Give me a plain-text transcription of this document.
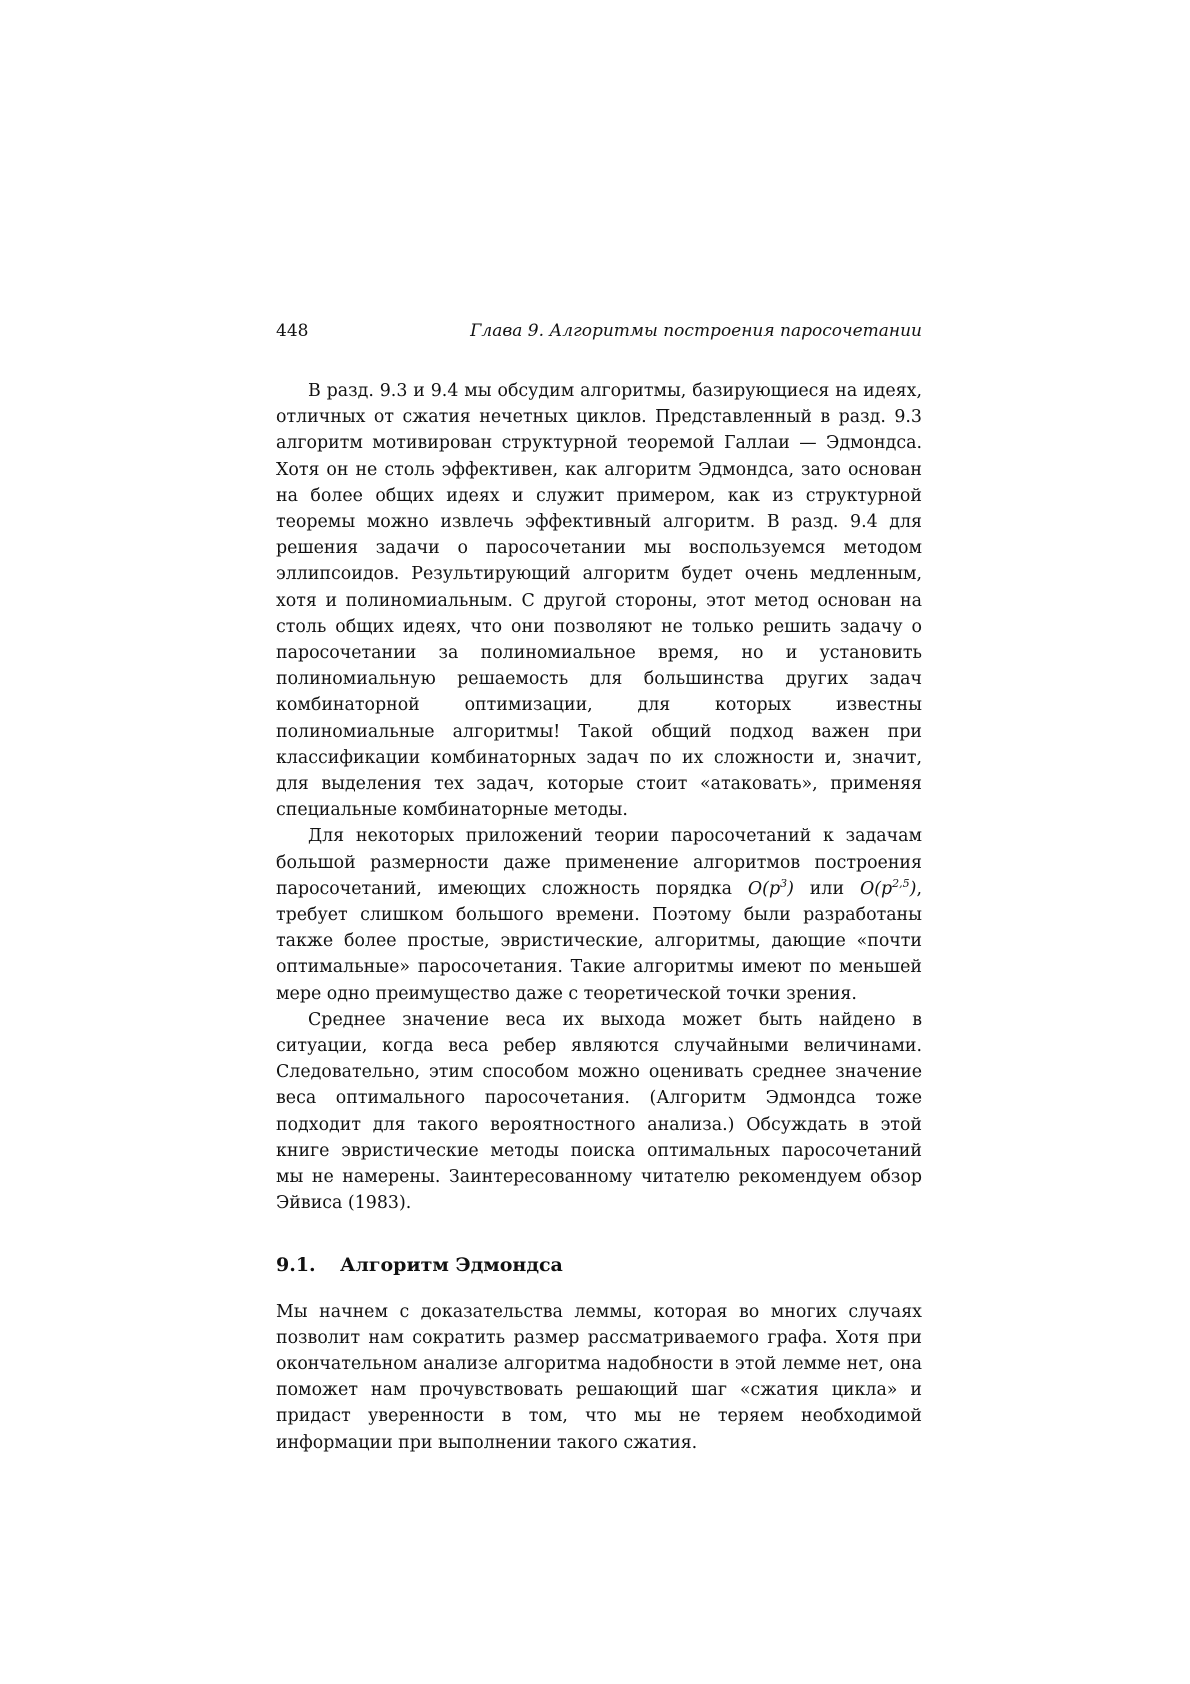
448	Глава 9. Алгоритмы построения паросочетании

В разд. 9.3 и 9.4 мы обсудим алгоритмы, базирующиеся на идеях, отличных от сжатия нечетных циклов. Представленный в разд. 9.3 алгоритм мотивирован структурной теоремой Галлаи — Эдмондса. Хотя он не столь эффективен, как алгоритм Эдмондса, зато основан на более общих идеях и служит примером, как из структурной теоремы можно извлечь эффективный алгоритм. В разд. 9.4 для решения задачи о паросочетании мы воспользуемся методом эллипсоидов. Результирующий алгоритм будет очень медленным, хотя и полиномиальным. С другой стороны, этот метод основан на столь общих идеях, что они позволяют не только решить задачу о паросочетании за полиномиальное время, но и установить полиномиальную решаемость для большинства других задач комбинаторной оптимизации, для которых известны полиномиальные алгоритмы! Такой общий подход важен при классификации комбинаторных задач по их сложности и, значит, для выделения тех задач, которые стоит «атаковать», применяя специальные комбинаторные методы.

Для некоторых приложений теории паросочетаний к задачам большой размерности даже применение алгоритмов построения паросочетаний, имеющих сложность порядка $O(p^3)$ или $O(p^{2,5})$, требует слишком большого времени. Поэтому были разработаны также более простые, эвристические, алгоритмы, дающие «почти оптимальные» паросочетания. Такие алгоритмы имеют по меньшей мере одно преимущество даже с теоретической точки зрения.

Среднее значение веса их выхода может быть найдено в ситуации, когда веса ребер являются случайными величинами. Следовательно, этим способом можно оценивать среднее значение веса оптимального паросочетания. (Алгоритм Эдмондса тоже подходит для такого вероятностного анализа.) Обсуждать в этой книге эвристические методы поиска оптимальных паросочетаний мы не намерены. Заинтересованному читателю рекомендуем обзор Эйвиса (1983).

9.1. Алгоритм Эдмондса

Мы начнем с доказательства леммы, которая во многих случаях позволит нам сократить размер рассматриваемого графа. Хотя при окончательном анализе алгоритма надобности в этой лемме нет, она поможет нам прочувствовать решающий шаг «сжатия цикла» и придаст уверенности в том, что мы не теряем необходимой информации при выполнении такого сжатия.
